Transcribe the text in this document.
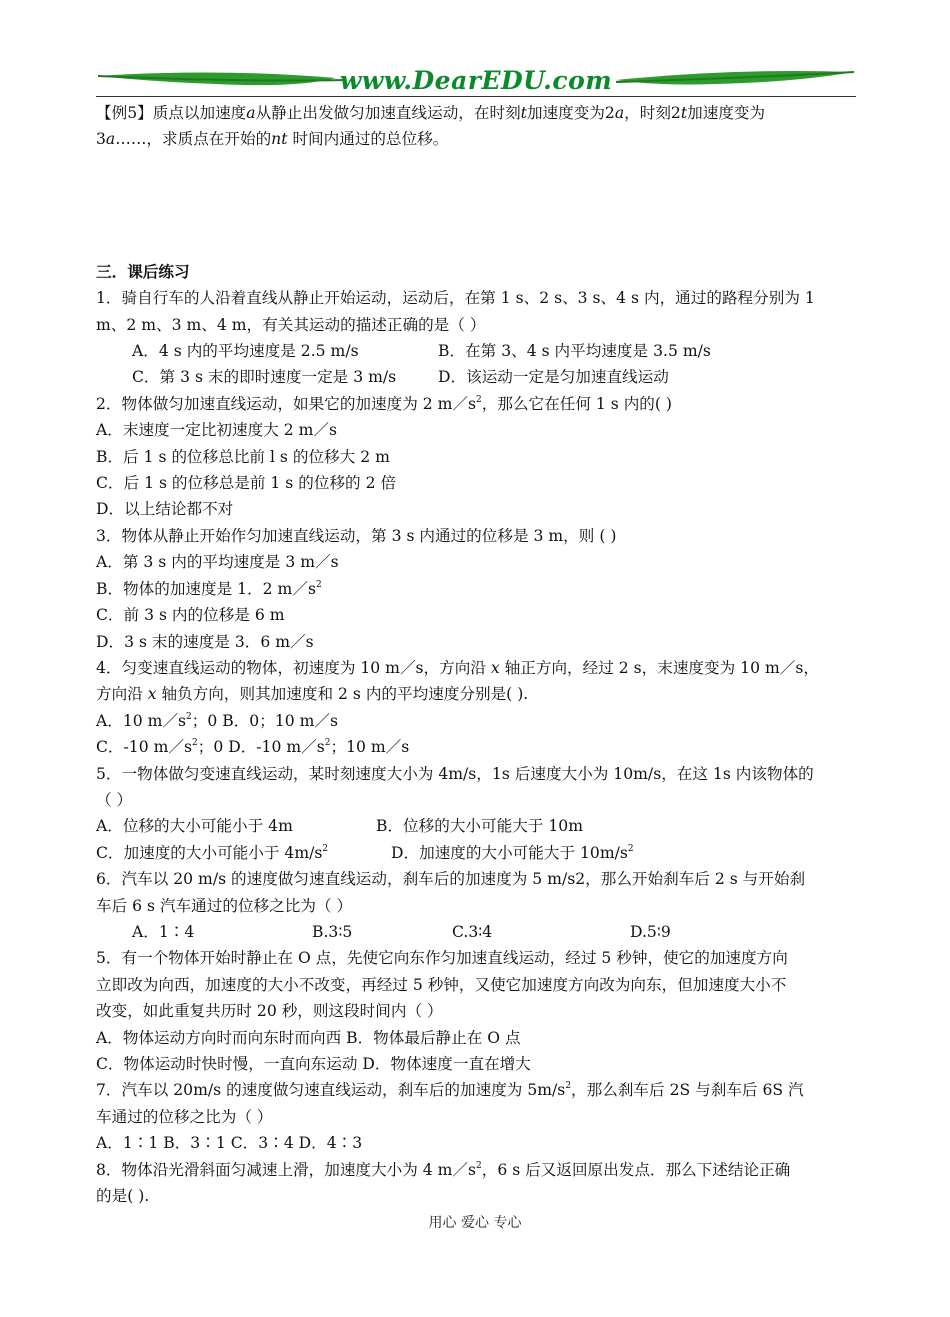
www.DearEDU.com

【例5】质点以加速度a从静止出发做匀加速直线运动，在时刻t加速度变为2a，时刻2t加速度变为

3a……，求质点在开始的nt 时间内通过的总位移。

三．课后练习

1．骑自行车的人沿着直线从静止开始运动，运动后，在第 1 s、2 s、3 s、4 s 内，通过的路程分别为 1

m、2 m、3 m、4 m，有关其运动的描述正确的是（ ）

A．4 s 内的平均速度是 2.5 m/s	B．在第 3、4 s 内平均速度是 3.5 m/s

C．第 3 s 末的即时速度一定是 3 m/s	D．该运动一定是匀加速直线运动

2．物体做匀加速直线运动，如果它的加速度为 2 $m/s^2$，那么它在任何 1 s 内的( )

A．末速度一定比初速度大 2 m／s

B．后 1 s 的位移总比前 l s 的位移大 2 m

C．后 1 s 的位移总是前 1 s 的位移的 2 倍

D．以上结论都不对

3．物体从静止开始作匀加速直线运动，第 3 s 内通过的位移是 3 m，则 ( )

A．第 3 s 内的平均速度是 3 m／s

B．物体的加速度是 1．2 $m/s^2$

C．前 3 s 内的位移是 6 m

D．3 s 末的速度是 3．6 m／s

4．匀变速直线运动的物体，初速度为 10 m／s，方向沿 x 轴正方向，经过 2 s，末速度变为 10 m／s，

方向沿 x 轴负方向，则其加速度和 2 s 内的平均速度分别是( ).

A．10 $m/s^2$；0 B．0；10 m／s

C．-10 $m/s^2$；0 D．-10 $m/s^2$；10 m／s

5．一物体做匀变速直线运动，某时刻速度大小为 4m/s，1s 后速度大小为 10m/s，在这 1s 内该物体的

（ ）

A．位移的大小可能小于 4m	B．位移的大小可能大于 10m

C．加速度的大小可能小于 $4m/s^2$	D．加速度的大小可能大于 $10m/s^2$

6．汽车以 20 m/s 的速度做匀速直线运动，刹车后的加速度为 5 m/s2，那么开始刹车后 2 s 与开始刹

车后 6 s 汽车通过的位移之比为（ ）

A．1∶4	B.3∶5	C.3∶4	D.5∶9

5．有一个物体开始时静止在 O 点，先使它向东作匀加速直线运动，经过 5 秒钟，使它的加速度方向

立即改为向西，加速度的大小不改变，再经过 5 秒钟，又使它加速度方向改为向东，但加速度大小不

改变，如此重复共历时 20 秒，则这段时间内（ ）

A．物体运动方向时而向东时而向西 B．物体最后静止在 O 点

C．物体运动时快时慢，一直向东运动 D．物体速度一直在增大

7．汽车以 20m/s 的速度做匀速直线运动，刹车后的加速度为 $5m/s^2$，那么刹车后 2S 与刹车后 6S 汽

车通过的位移之比为（ ）

A．1∶1 B．3∶1 C．3∶4 D．4∶3

8．物体沿光滑斜面匀减速上滑，加速度大小为 4 $m/s^2$，6 s 后又返回原出发点．那么下述结论正确

的是( ).

用心 爱心 专心
